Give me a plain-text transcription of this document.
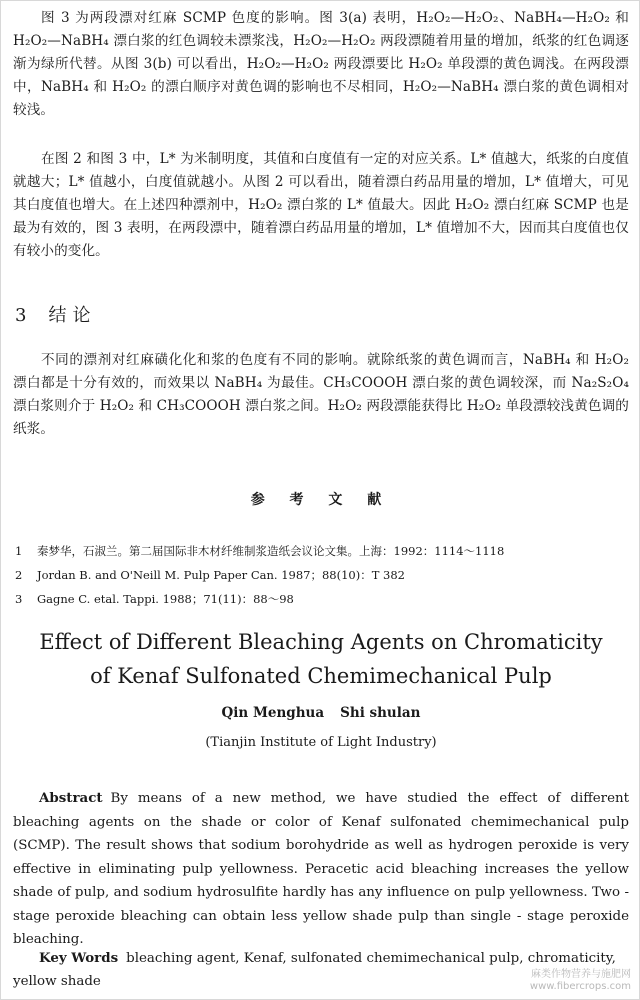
图 3 为两段漂对红麻 SCMP 色度的影响。图 3(a) 表明，H₂O₂—H₂O₂、NaBH₄—H₂O₂ 和 H₂O₂—NaBH₄ 漂白浆的红色调较未漂浆浅，H₂O₂—H₂O₂ 两段漂随着用量的增加，纸浆的红色调逐渐为绿所代替。从图 3(b) 可以看出，H₂O₂—H₂O₂ 两段漂要比 H₂O₂ 单段漂的黄色调浅。在两段漂中，NaBH₄ 和 H₂O₂ 的漂白顺序对黄色调的影响也不尽相同，H₂O₂—NaBH₄ 漂白浆的黄色调相对较浅。

在图 2 和图 3 中，L* 为米制明度，其值和白度值有一定的对应关系。L* 值越大，纸浆的白度值就越大；L* 值越小，白度值就越小。从图 2 可以看出，随着漂白药品用量的增加，L* 值增大，可见其白度值也增大。在上述四种漂剂中，H₂O₂ 漂白浆的 L* 值最大。因此 H₂O₂ 漂白红麻 SCMP 也是最为有效的，图 3 表明，在两段漂中，随着漂白药品用量的增加，L* 值增加不大，因而其白度值也仅有较小的变化。

3 结论

不同的漂剂对红麻磺化化和浆的色度有不同的影响。就除纸浆的黄色调而言，NaBH₄ 和 H₂O₂ 漂白都是十分有效的，而效果以 NaBH₄ 为最佳。CH₃COOOH 漂白浆的黄色调较深，而 Na₂S₂O₄ 漂白浆则介于 H₂O₂ 和 CH₃COOOH 漂白浆之间。H₂O₂ 两段漂能获得比 H₂O₂ 单段漂较浅黄色调的纸浆。

参 考 文 献
1 秦梦华，石淑兰。第二届国际非木材纤维制浆造纸会议论文集。上海：1992：1114～1118
2 Jordan B. and O'Neill M. Pulp Paper Can. 1987；88(10)：T 382
3 Gagne C. etal. Tappi. 1988；71(11)：88～98
Effect of Different Bleaching Agents on Chromaticity
of Kenaf Sulfonated Chemimechanical Pulp

Qin Menghua Shi shulan

(Tianjin Institute of Light Industry)

Abstract By means of a new method, we have studied the effect of different bleaching agents on the shade or color of Kenaf sulfonated chemimechanical pulp (SCMP). The result shows that sodium borohydride as well as hydrogen peroxide is very effective in eliminating pulp yellowness. Peracetic acid bleaching increases the yellow shade of pulp, and sodium hydrosulfite hardly has any influence on pulp yellowness. Two - stage peroxide bleaching can obtain less yellow shade pulp than single - stage peroxide bleaching.

Key Words bleaching agent, Kenaf, sulfonated chemimechanical pulp, chromaticity, yellow shade	麻类作物营养与施肥网
www.fibercrops.com
